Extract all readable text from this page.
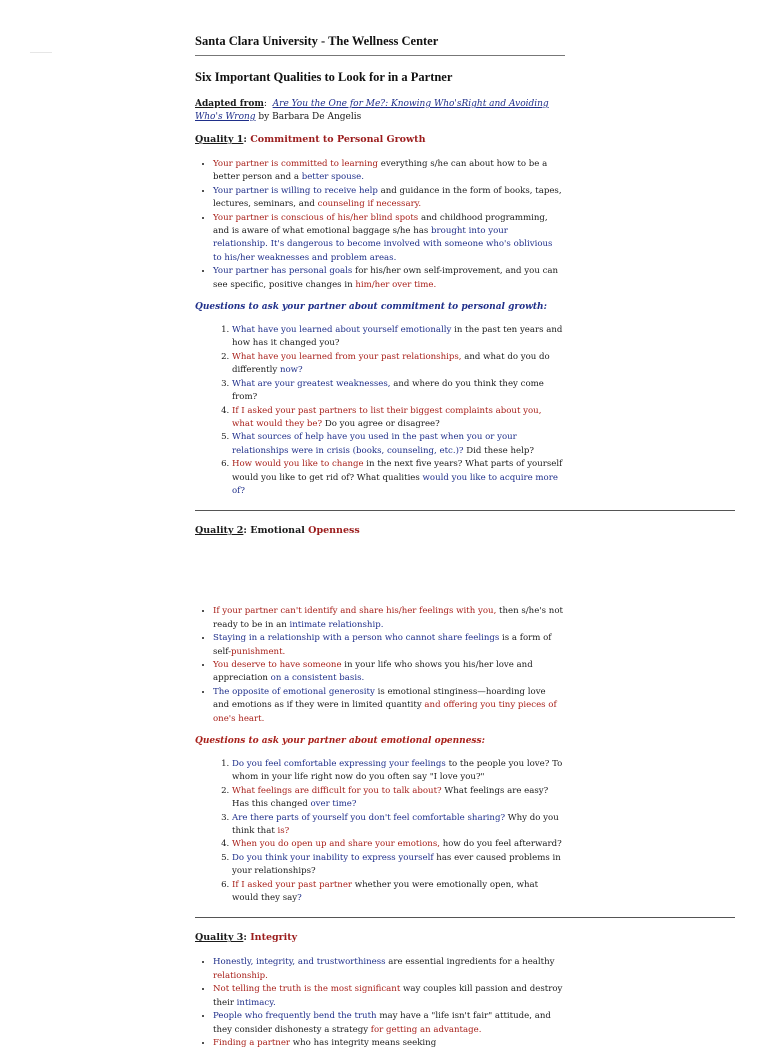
Santa Clara University - The Wellness Center
Six Important Qualities to Look for in a Partner
Adapted from: Are You the One for Me?: Knowing Who'sRight and Avoiding Who's Wrong by Barbara De Angelis
Quality 1: Commitment to Personal Growth
• Your partner is committed to learning everything s/he can about how to be a better person and a better spouse.
• Your partner is willing to receive help and guidance in the form of books, tapes, lectures, seminars, and counseling if necessary.
• Your partner is conscious of his/her blind spots and childhood programming, and is aware of what emotional baggage s/he has brought into your relationship. It's dangerous to become involved with someone who's oblivious to his/her weaknesses and problem areas.
• Your partner has personal goals for his/her own self-improvement, and you can see specific, positive changes in him/her over time.
Questions to ask your partner about commitment to personal growth:
1. What have you learned about yourself emotionally in the past ten years and how has it changed you?
2. What have you learned from your past relationships, and what do you do differently now?
3. What are your greatest weaknesses, and where do you think they come from?
4. If I asked your past partners to list their biggest complaints about you, what would they be? Do you agree or disagree?
5. What sources of help have you used in the past when you or your relationships were in crisis (books, counseling, etc.)? Did these help?
6. How would you like to change in the next five years? What parts of yourself would you like to get rid of? What qualities would you like to acquire more of?
Quality 2: Emotional Openness
• If your partner can't identify and share his/her feelings with you, then s/he's not ready to be in an intimate relationship.
• Staying in a relationship with a person who cannot share feelings is a form of self-punishment.
• You deserve to have someone in your life who shows you his/her love and appreciation on a consistent basis.
• The opposite of emotional generosity is emotional stinginess—hoarding love and emotions as if they were in limited quantity and offering you tiny pieces of one's heart.
Questions to ask your partner about emotional openness:
1. Do you feel comfortable expressing your feelings to the people you love? To whom in your life right now do you often say "I love you?"
2. What feelings are difficult for you to talk about? What feelings are easy? Has this changed over time?
3. Are there parts of yourself you don't feel comfortable sharing? Why do you think that is?
4. When you do open up and share your emotions, how do you feel afterward?
5. Do you think your inability to express yourself has ever caused problems in your relationships?
6. If I asked your past partner whether you were emotionally open, what would they say?
Quality 3: Integrity
• Honestly, integrity, and trustworthiness are essential ingredients for a healthy relationship.
• Not telling the truth is the most significant way couples kill passion and destroy their intimacy.
• People who frequently bend the truth may have a "life isn't fair" attitude, and they consider dishonesty a strategy for getting an advantage.
• Finding a partner who has integrity means seeking
